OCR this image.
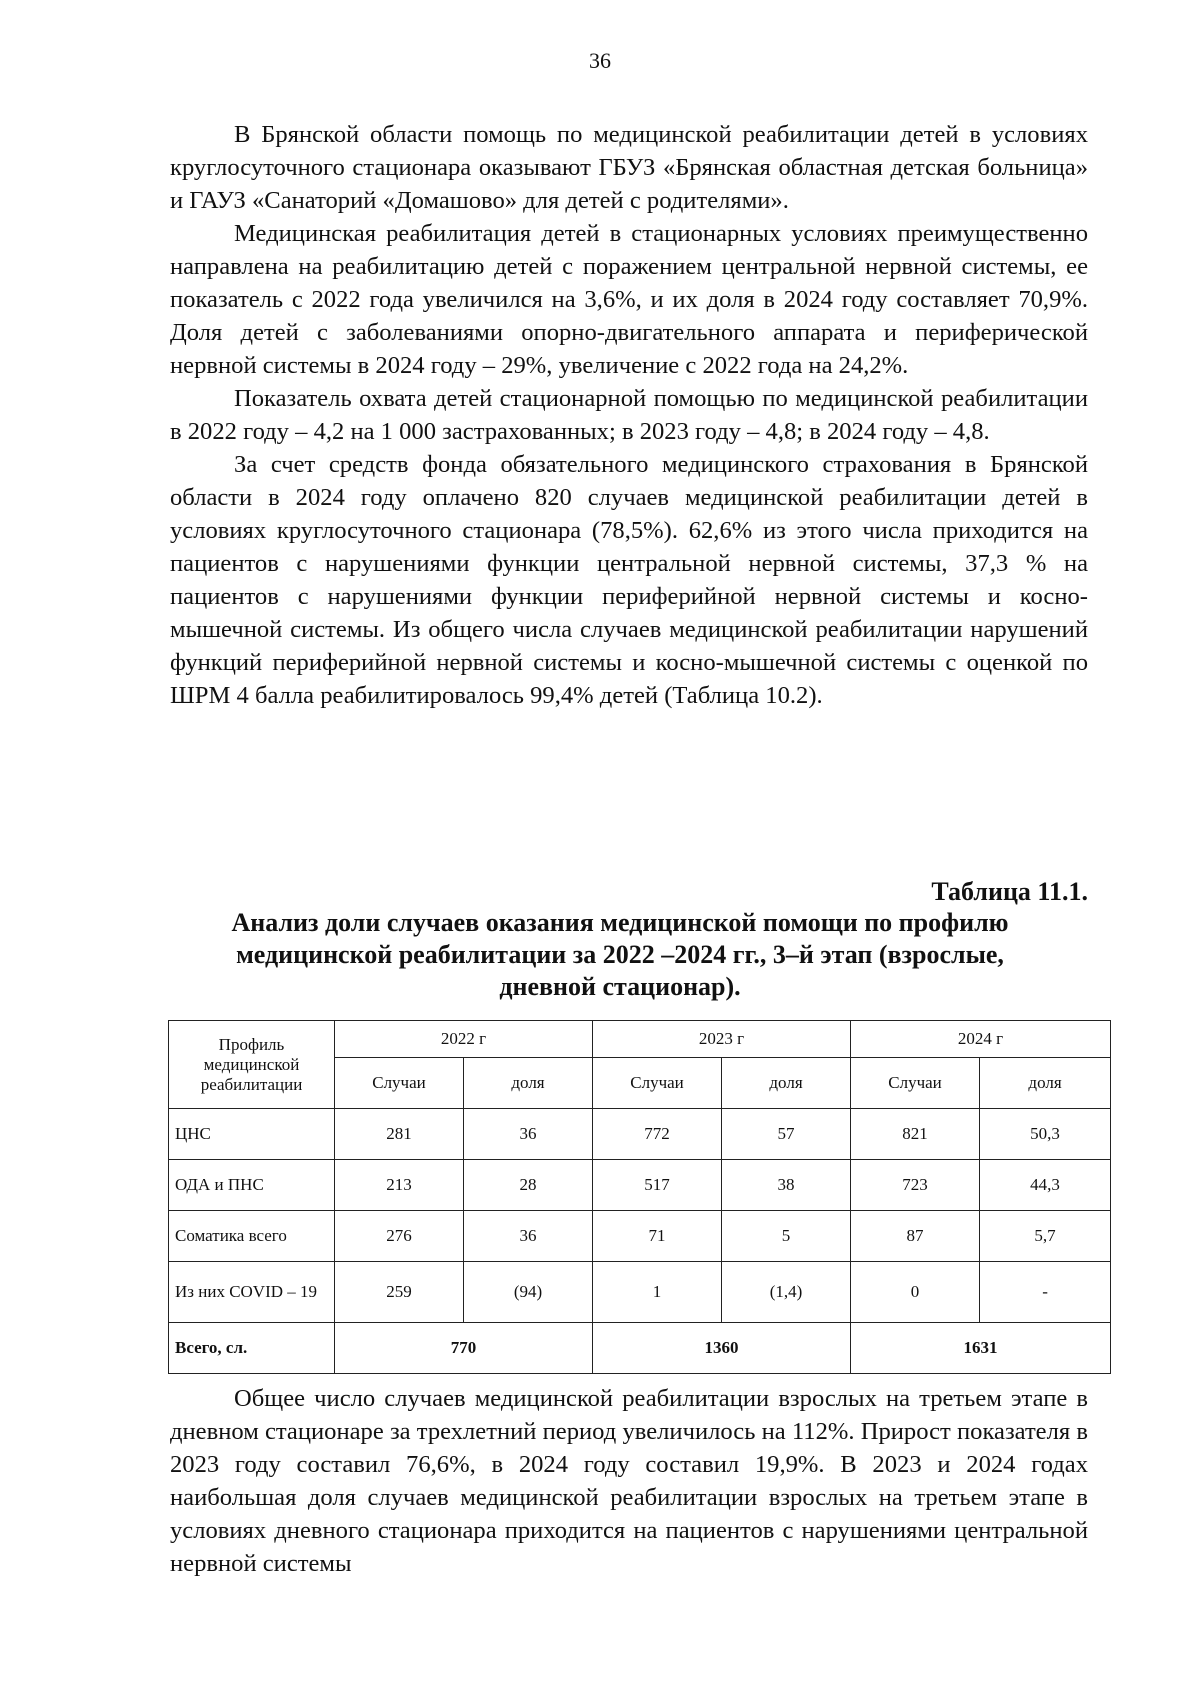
36

В Брянской области помощь по медицинской реабилитации детей в условиях круглосуточного стационара оказывают ГБУЗ «Брянская областная детская больница» и ГАУЗ «Санаторий «Домашово» для детей с родителями».

Медицинская реабилитация детей в стационарных условиях преимущественно направлена на реабилитацию детей с поражением центральной нервной системы, ее показатель с 2022 года увеличился на 3,6%, и их доля в 2024 году составляет 70,9%. Доля детей с заболеваниями опорно-двигательного аппарата и периферической нервной системы в 2024 году – 29%, увеличение с 2022 года на 24,2%.

Показатель охвата детей стационарной помощью по медицинской реабилитации в 2022 году – 4,2 на 1 000 застрахованных; в 2023 году – 4,8; в 2024 году – 4,8.

За счет средств фонда обязательного медицинского страхования в Брянской области в 2024 году оплачено 820 случаев медицинской реабилитации детей в условиях круглосуточного стационара (78,5%). 62,6% из этого числа приходится на пациентов с нарушениями функции центральной нервной системы, 37,3 % на пациентов с нарушениями функции периферийной нервной системы и косно-мышечной системы. Из общего числа случаев медицинской реабилитации нарушений функций периферийной нервной системы и косно-мышечной системы с оценкой по ШРМ 4 балла реабилитировалось 99,4% детей (Таблица 10.2).

Таблица 11.1.
Анализ доли случаев оказания медицинской помощи по профилю медицинской реабилитации за 2022 –2024 гг., 3–й этап (взрослые, дневной стационар).
Профиль медицинской реабилитации	2022 г		2023 г		2024 г	
	Случаи	доля	Случаи	доля	Случаи	доля
ЦНС	281	36	772	57	821	50,3
ОДА и ПНС	213	28	517	38	723	44,3
Соматика всего	276	36	71	5	87	5,7
Из них COVID – 19	259	(94)	1	(1,4)	0	-
Всего, сл.	770		1360		1631	

Общее число случаев медицинской реабилитации взрослых на третьем этапе в дневном стационаре за трехлетний период увеличилось на 112%. Прирост показателя в 2023 году составил 76,6%, в 2024 году составил 19,9%. В 2023 и 2024 годах наибольшая доля случаев медицинской реабилитации взрослых на третьем этапе в условиях дневного стационара приходится на пациентов с нарушениями центральной нервной системы
